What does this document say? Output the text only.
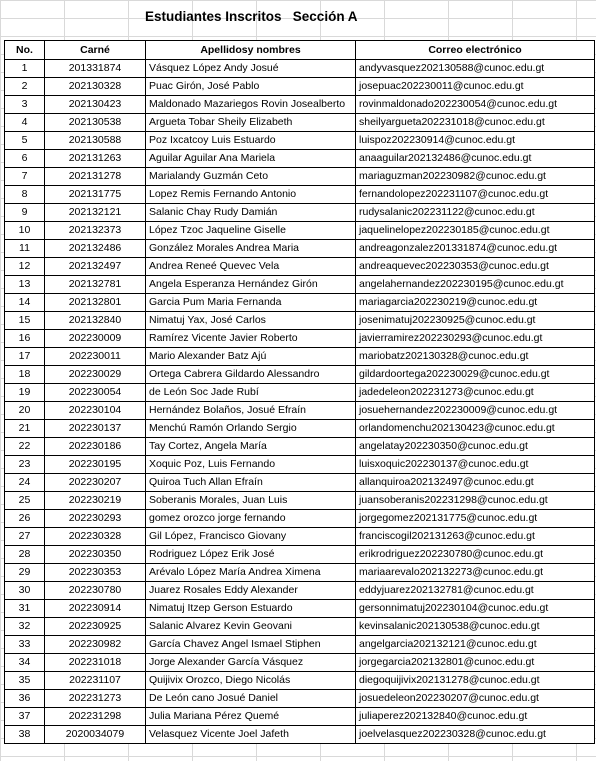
Estudiantes Inscritos   Sección A
No.	Carné	Apellidosy nombres	Correo electrónico
1	201331874	Vásquez López Andy Josué	andyvasquez202130588@cunoc.edu.gt
2	202130328	Puac Girón, José Pablo	josepuac202230011@cunoc.edu.gt
3	202130423	Maldonado Mazariegos Rovin Josealberto	rovinmaldonado202230054@cunoc.edu.gt
4	202130538	Argueta Tobar Sheily Elizabeth	sheilyargueta202231018@cunoc.edu.gt
5	202130588	Poz Ixcatcoy Luis Estuardo	luispoz202230914@cunoc.edu.gt
6	202131263	Aguilar Aguilar Ana Mariela	anaaguilar202132486@cunoc.edu.gt
7	202131278	Marialandy Guzmán Ceto	mariaguzman202230982@cunoc.edu.gt
8	202131775	Lopez Remis Fernando Antonio	fernandolopez202231107@cunoc.edu.gt
9	202132121	Salanic Chay Rudy Damián	rudysalanic202231122@cunoc.edu.gt
10	202132373	López Tzoc Jaqueline Giselle	jaquelinelopez202230185@cunoc.edu.gt
11	202132486	González Morales Andrea Maria	andreagonzalez201331874@cunoc.edu.gt
12	202132497	Andrea Reneé Quevec Vela	andreaquevec202230353@cunoc.edu.gt
13	202132781	Angela Esperanza Hernández Girón	angelahernandez202230195@cunoc.edu.gt
14	202132801	Garcia Pum Maria Fernanda	mariagarcia202230219@cunoc.edu.gt
15	202132840	Nimatuj Yax, José Carlos	josenimatuj202230925@cunoc.edu.gt
16	202230009	Ramírez Vicente Javier Roberto	javierramirez202230293@cunoc.edu.gt
17	202230011	Mario Alexander Batz Ajú	mariobatz202130328@cunoc.edu.gt
18	202230029	Ortega Cabrera Gildardo Alessandro	gildardoortega202230029@cunoc.edu.gt
19	202230054	de León Soc Jade Rubí	jadedeleon202231273@cunoc.edu.gt
20	202230104	Hernández Bolaños, Josué Efraín	josuehernandez202230009@cunoc.edu.gt
21	202230137	Menchú Ramón Orlando Sergio	orlandomenchu202130423@cunoc.edu.gt
22	202230186	Tay Cortez, Angela María	angelatay202230350@cunoc.edu.gt
23	202230195	Xoquic Poz, Luis Fernando	luisxoquic202230137@cunoc.edu.gt
24	202230207	Quiroa Tuch Allan Efraín	allanquiroa202132497@cunoc.edu.gt
25	202230219	Soberanis Morales, Juan Luis	juansoberanis202231298@cunoc.edu.gt
26	202230293	gomez orozco jorge fernando	jorgegomez202131775@cunoc.edu.gt
27	202230328	Gil López, Francisco Giovany	franciscogil202131263@cunoc.edu.gt
28	202230350	Rodriguez López Erik José	erikrodriguez202230780@cunoc.edu.gt
29	202230353	Arévalo López María Andrea Ximena	mariaarevalo202132273@cunoc.edu.gt
30	202230780	Juarez Rosales Eddy Alexander	eddyjuarez202132781@cunoc.edu.gt
31	202230914	Nimatuj Itzep Gerson Estuardo	gersonnimatuj202230104@cunoc.edu.gt
32	202230925	Salanic Alvarez Kevin Geovani	kevinsalanic202130538@cunoc.edu.gt
33	202230982	García Chavez Angel Ismael Stiphen	angelgarcia202132121@cunoc.edu.gt
34	202231018	Jorge Alexander García Vásquez	jorgegarcia202132801@cunoc.edu.gt
35	202231107	Quijivix Orozco, Diego Nicolás	diegoquijivix202131278@cunoc.edu.gt
36	202231273	De León cano Josué Daniel	josuedeleon202230207@cunoc.edu.gt
37	202231298	Julia Mariana Pérez Quemé	juliaperez202132840@cunoc.edu.gt
38	2020034079	Velasquez Vicente Joel Jafeth	joelvelasquez202230328@cunoc.edu.gt
